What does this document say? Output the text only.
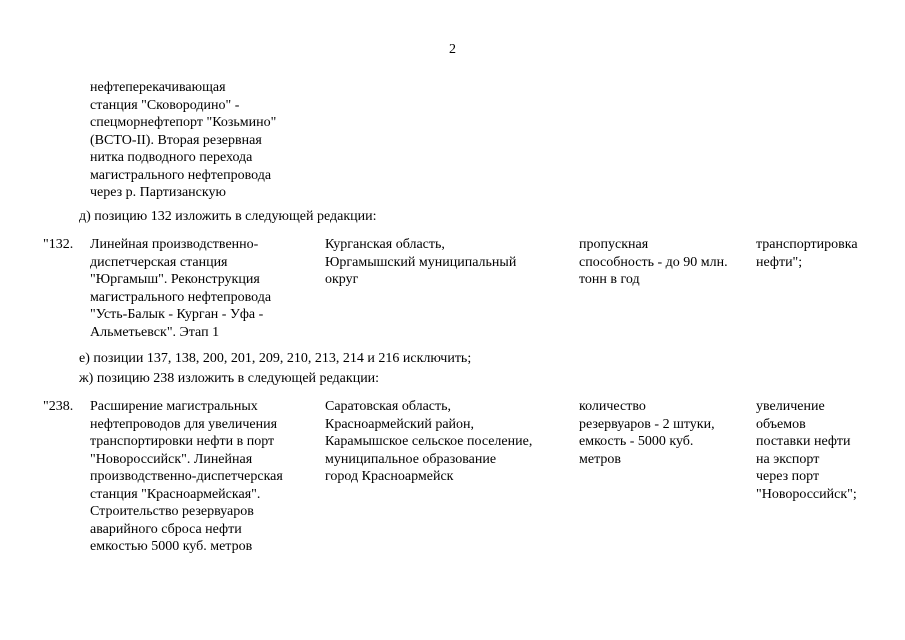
2
нефтеперекачивающая
станция "Сковородино" -
спецморнефтепорт "Козьмино"
(ВСТО-II). Вторая резервная
нитка подводного перехода
магистрального нефтепровода
через р. Партизанскую
д) позицию 132 изложить в следующей редакции:
"132. Линейная производственно-
диспетчерская станция
"Юргамыш". Реконструкция
магистрального нефтепровода
"Усть-Балык - Курган - Уфа -
Альметьевск". Этап 1
Курганская область,
Юргамышский муниципальный
округ
пропускная
способность - до 90 млн.
тонн в год
транспортировка
нефти";
е) позиции 137, 138, 200, 201, 209, 210, 213, 214 и 216 исключить;
ж) позицию 238 изложить в следующей редакции:
"238. Расширение магистральных
нефтепроводов для увеличения
транспортировки нефти в порт
"Новороссийск". Линейная
производственно-диспетчерская
станция "Красноармейская".
Строительство резервуаров
аварийного сброса нефти
емкостью 5000 куб. метров
Саратовская область,
Красноармейский район,
Карамышское сельское поселение,
муниципальное образование
город Красноармейск
количество
резервуаров - 2 штуки,
емкость - 5000 куб.
метров
увеличение
объемов
поставки нефти
на экспорт
через порт
"Новороссийск";
